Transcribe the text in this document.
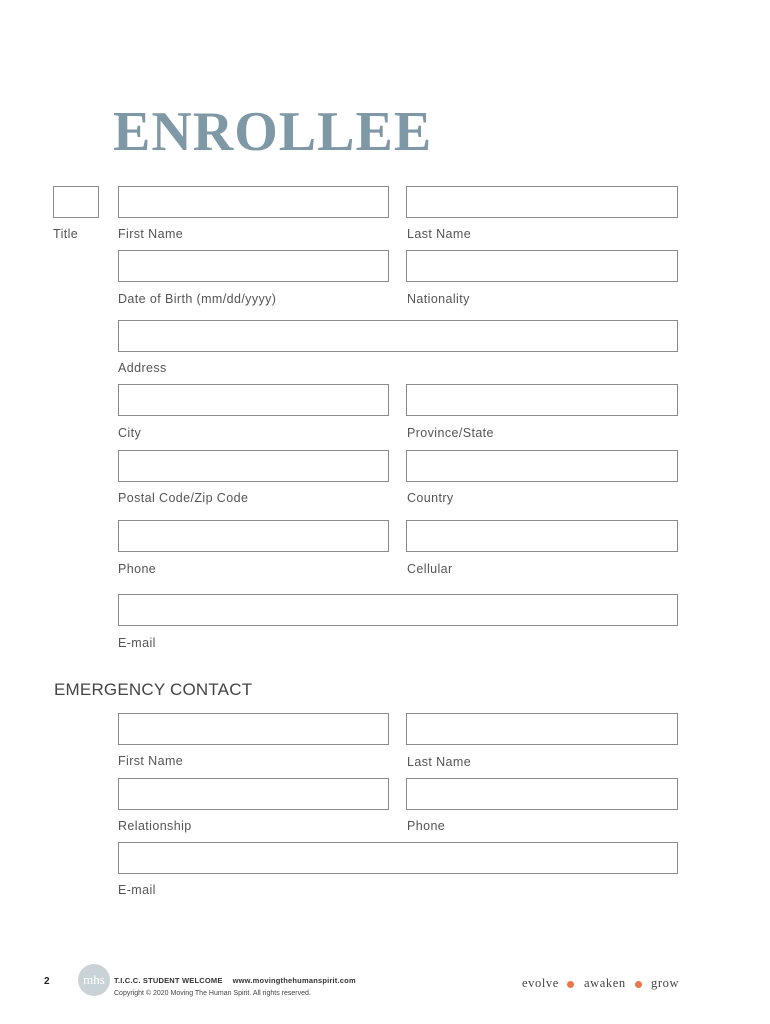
ENROLLEE
Title	First Name	Last Name
Date of Birth (mm/dd/yyyy)	Nationality
Address
City	Province/State
Postal Code/Zip Code	Country
Phone	Cellular
E-mail
EMERGENCY CONTACT
First Name	Last Name
Relationship	Phone
E-mail
2	mhs	T.I.C.C. STUDENT WELCOME www.movingthehumanspirit.com
Copyright © 2020 Moving The Human Spirit. All rights reserved.
evolve awaken grow
